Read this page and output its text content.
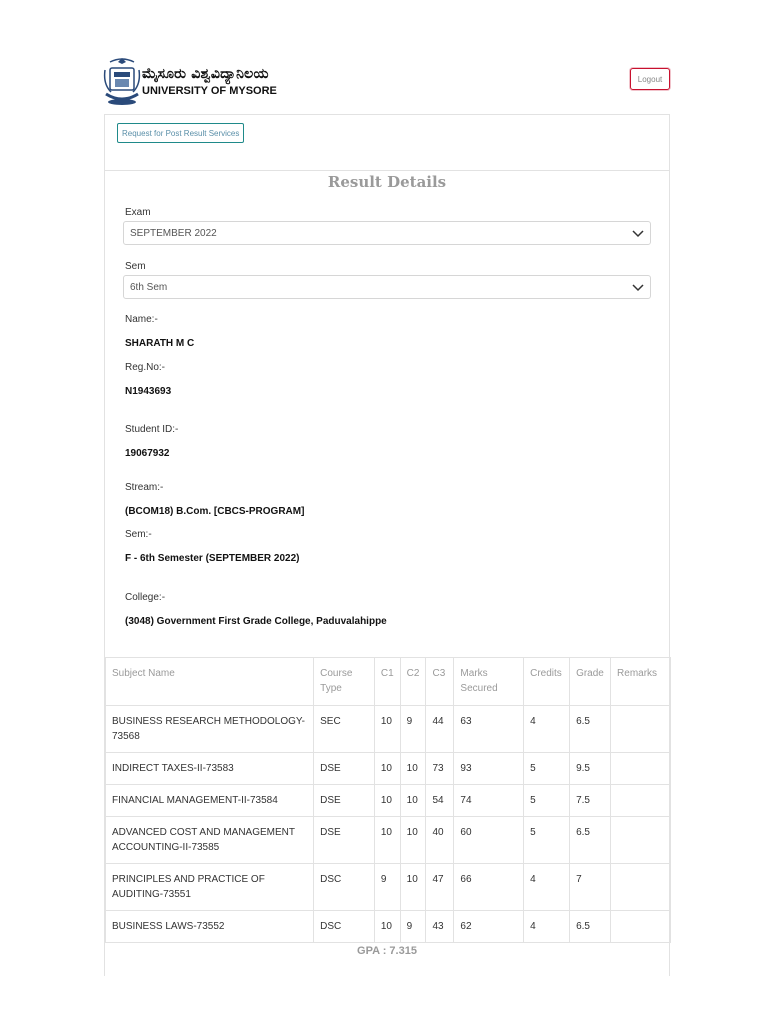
ಮೈಸೂರು ವಿಶ್ವವಿದ್ಯಾನಿಲಯ
UNIVERSITY OF MYSORE
Logout
Request for Post Result Services
Result Details
Exam
SEPTEMBER 2022
Sem
6th Sem
Name:-
SHARATH M C
Reg.No:-
N1943693
Student ID:-
19067932
Stream:-
(BCOM18) B.Com. [CBCS-PROGRAM]
Sem:-
F - 6th Semester (SEPTEMBER 2022)
College:-
(3048) Government First Grade College, Paduvalahippe
Subject Name	Course Type	C1	C2	C3	Marks Secured	Credits	Grade	Remarks
BUSINESS RESEARCH METHODOLOGY-73568	SEC	10	9	44	63	4	6.5	
INDIRECT TAXES-II-73583	DSE	10	10	73	93	5	9.5	
FINANCIAL MANAGEMENT-II-73584	DSE	10	10	54	74	5	7.5	
ADVANCED COST AND MANAGEMENT ACCOUNTING-II-73585	DSE	10	10	40	60	5	6.5	
PRINCIPLES AND PRACTICE OF AUDITING-73551	DSC	9	10	47	66	4	7	
BUSINESS LAWS-73552	DSC	10	9	43	62	4	6.5	
GPA : 7.315
